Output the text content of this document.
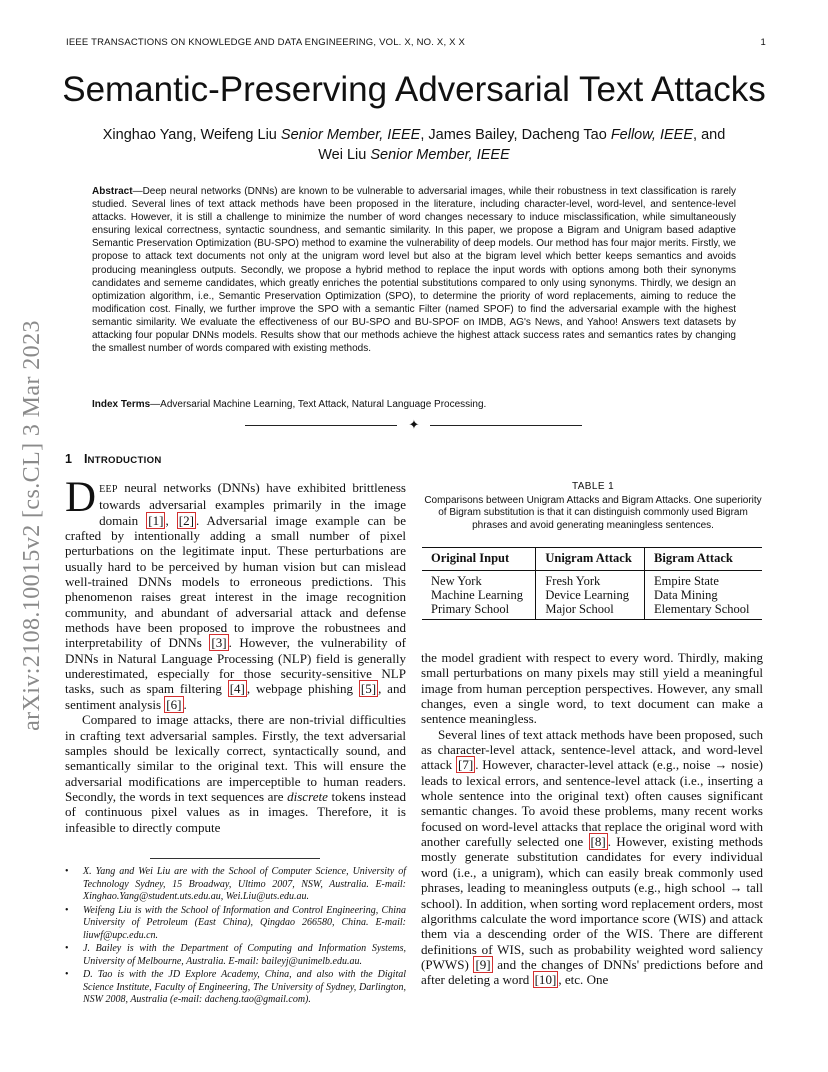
IEEE TRANSACTIONS ON KNOWLEDGE AND DATA ENGINEERING, VOL. X, NO. X, X X	1
arXiv:2108.10015v2 [cs.CL] 3 Mar 2023
Semantic-Preserving Adversarial Text Attacks
Xinghao Yang, Weifeng Liu Senior Member, IEEE, James Bailey, Dacheng Tao Fellow, IEEE, and
Wei Liu Senior Member, IEEE
Abstract—Deep neural networks (DNNs) are known to be vulnerable to adversarial images, while their robustness in text classification is rarely studied. Several lines of text attack methods have been proposed in the literature, including character-level, word-level, and sentence-level attacks. However, it is still a challenge to minimize the number of word changes necessary to induce misclassification, while simultaneously ensuring lexical correctness, syntactic soundness, and semantic similarity. In this paper, we propose a Bigram and Unigram based adaptive Semantic Preservation Optimization (BU-SPO) method to examine the vulnerability of deep models. Our method has four major merits. Firstly, we propose to attack text documents not only at the unigram word level but also at the bigram level which better keeps semantics and avoids producing meaningless outputs. Secondly, we propose a hybrid method to replace the input words with options among both their synonyms candidates and sememe candidates, which greatly enriches the potential substitutions compared to only using synonyms. Thirdly, we design an optimization algorithm, i.e., Semantic Preservation Optimization (SPO), to determine the priority of word replacements, aiming to reduce the modification cost. Finally, we further improve the SPO with a semantic Filter (named SPOF) to find the adversarial example with the highest semantic similarity. We evaluate the effectiveness of our BU-SPO and BU-SPOF on IMDB, AG's News, and Yahoo! Answers text datasets by attacking four popular DNNs models. Results show that our methods achieve the highest attack success rates and semantics rates by changing the smallest number of words compared with existing methods.
Index Terms—Adversarial Machine Learning, Text Attack, Natural Language Processing.
✦
1 INTRODUCTION

DEEP neural networks (DNNs) have exhibited brittleness towards adversarial examples primarily in the image domain [1] , [2] . Adversarial image example can be crafted by intentionally adding a small number of pixel perturbations on the legitimate input. These perturbations are usually hard to be perceived by human vision but can mislead well-trained DNNs models to erroneous predictions. This phenomenon raises great interest in the image recognition community, and abundant of adversarial attack and defense methods have been proposed to improve the robustnees and interpretability of DNNs [3] . However, the vulnerability of DNNs in Natural Language Processing (NLP) field is generally underestimated, especially for those security-sensitive NLP tasks, such as spam filtering [4] , webpage phishing [5] , and sentiment analysis [6] .

Compared to image attacks, there are non-trivial difficulties in crafting text adversarial samples. Firstly, the text adversarial samples should be lexically correct, syntactically sound, and semantically similar to the original text. This will ensure the adversarial modifications are imperceptible to human readers. Secondly, the words in text sequences are discrete tokens instead of continuous pixel values as in images. Therefore, it is infeasible to directly compute

TABLE 1
Comparisons between Unigram Attacks and Bigram Attacks. One superiority of Bigram substitution is that it can distinguish commonly used Bigram phrases and avoid generating meaningless sentences.
Original Input	Unigram Attack	Bigram Attack
New York	Fresh York	Empire State
Machine Learning	Device Learning	Data Mining
Primary School	Major School	Elementary School

the model gradient with respect to every word. Thirdly, making small perturbations on many pixels may still yield a meaningful image from human perception perspectives. However, any small changes, even a single word, to text document can make a sentence meaningless.

Several lines of text attack methods have been proposed, such as character-level attack, sentence-level attack, and word-level attack [7] . However, character-level attack (e.g., noise → nosie) leads to lexical errors, and sentence-level attack (i.e., inserting a whole sentence into the original text) often causes significant semantic changes. To avoid these problems, many recent works focused on word-level attacks that replace the original word with another carefully selected one [8] . However, existing methods mostly generate substitution candidates for every individual word (i.e., a unigram), which can easily break commonly used phrases, leading to meaningless outputs (e.g., high school → tall school). In addition, when sorting word replacement orders, most algorithms calculate the word importance score (WIS) and attack them via a descending order of the WIS. There are different definitions of WIS, such as probability weighted word saliency (PWWS) [9] and the changes of DNNs' predictions before and after deleting a word [10] , etc. One

• X. Yang and Wei Liu are with the School of Computer Science, University of Technology Sydney, 15 Broadway, Ultimo 2007, NSW, Australia. E-mail: Xinghao.Yang@student.uts.edu.au, Wei.Liu@uts.edu.au.
• Weifeng Liu is with the School of Information and Control Engineering, China University of Petroleum (East China), Qingdao 266580, China. E-mail: liuwf@upc.edu.cn.
• J. Bailey is with the Department of Computing and Information Systems, University of Melbourne, Australia. E-mail: baileyj@unimelb.edu.au.
• D. Tao is with the JD Explore Academy, China, and also with the Digital Science Institute, Faculty of Engineering, The University of Sydney, Darlington, NSW 2008, Australia (e-mail: dacheng.tao@gmail.com).
